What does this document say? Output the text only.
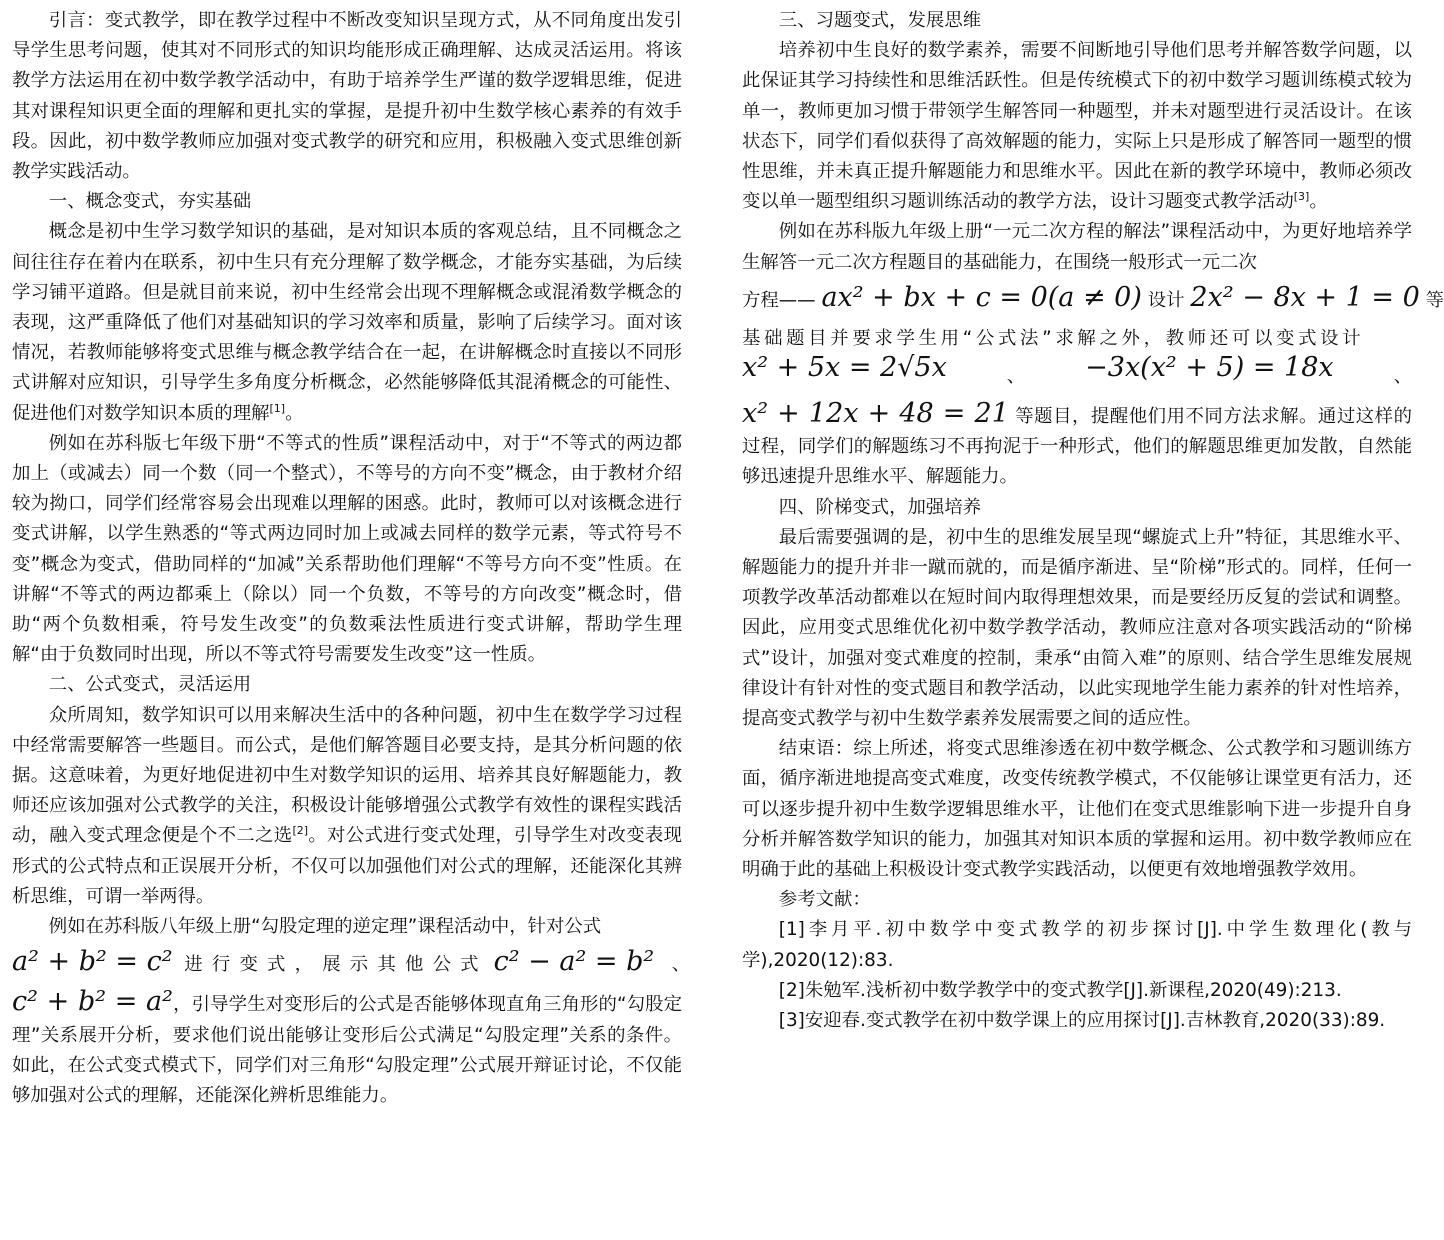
引言：变式教学，即在教学过程中不断改变知识呈现方式，从不同角度出发引导学生思考问题，使其对不同形式的知识均能形成正确理解、达成灵活运用。将该教学方法运用在初中数学教学活动中，有助于培养学生严谨的数学逻辑思维，促进其对课程知识更全面的理解和更扎实的掌握，是提升初中生数学核心素养的有效手段。因此，初中数学教师应加强对变式教学的研究和应用，积极融入变式思维创新教学实践活动。

一、概念变式，夯实基础

概念是初中生学习数学知识的基础，是对知识本质的客观总结，且不同概念之间往往存在着内在联系，初中生只有充分理解了数学概念，才能夯实基础，为后续学习铺平道路。但是就目前来说，初中生经常会出现不理解概念或混淆数学概念的表现，这严重降低了他们对基础知识的学习效率和质量，影响了后续学习。面对该情况，若教师能够将变式思维与概念教学结合在一起，在讲解概念时直接以不同形式讲解对应知识，引导学生多角度分析概念，必然能够降低其混淆概念的可能性、促进他们对数学知识本质的理解[1]。

例如在苏科版七年级下册“不等式的性质”课程活动中，对于“不等式的两边都加上（或减去）同一个数（同一个整式），不等号的方向不变”概念，由于教材介绍较为拗口，同学们经常容易会出现难以理解的困惑。此时，教师可以对该概念进行变式讲解，以学生熟悉的“等式两边同时加上或减去同样的数学元素，等式符号不变”概念为变式，借助同样的“加减”关系帮助他们理解“不等号方向不变”性质。在讲解“不等式的两边都乘上（除以）同一个负数，不等号的方向改变”概念时，借助“两个负数相乘，符号发生改变”的负数乘法性质进行变式讲解，帮助学生理解“由于负数同时出现，所以不等式符号需要发生改变”这一性质。

二、公式变式，灵活运用

众所周知，数学知识可以用来解决生活中的各种问题，初中生在数学学习过程中经常需要解答一些题目。而公式，是他们解答题目必要支持，是其分析问题的依据。这意味着，为更好地促进初中生对数学知识的运用、培养其良好解题能力，教师还应该加强对公式教学的关注，积极设计能够增强公式教学有效性的课程实践活动，融入变式理念便是个不二之选[2]。对公式进行变式处理，引导学生对改变表现形式的公式特点和正误展开分析，不仅可以加强他们对公式的理解，还能深化其辨析思维，可谓一举两得。

例如在苏科版八年级上册“勾股定理的逆定理”课程活动中，针对公式

a² + b² = c² 进行变式，展示其他公式 c² − a² = b² 、

c² + b² = a²，引导学生对变形后的公式是否能够体现直角三角形的“勾股定理”关系展开分析，要求他们说出能够让变形后公式满足“勾股定理”关系的条件。如此，在公式变式模式下，同学们对三角形“勾股定理”公式展开辩证讨论，不仅能够加强对公式的理解，还能深化辨析思维能力。

三、习题变式，发展思维

培养初中生良好的数学素养，需要不间断地引导他们思考并解答数学问题，以此保证其学习持续性和思维活跃性。但是传统模式下的初中数学习题训练模式较为单一，教师更加习惯于带领学生解答同一种题型，并未对题型进行灵活设计。在该状态下，同学们看似获得了高效解题的能力，实际上只是形成了解答同一题型的惯性思维，并未真正提升解题能力和思维水平。因此在新的教学环境中，教师必须改变以单一题型组织习题训练活动的教学方法，设计习题变式教学活动[3]。

例如在苏科版九年级上册“一元二次方程的解法”课程活动中，为更好地培养学生解答一元二次方程题目的基础能力，在围绕一般形式一元二次

方程—— ax² + bx + c = 0(a ≠ 0) 设计 2x² − 8x + 1 = 0 等

基础题目并要求学生用“公式法”求解之外，教师还可以变式设计

x² + 5x = 2√5x	、 −3x(x² + 5) = 18x	、

x² + 12x + 48 = 21 等题目，提醒他们用不同方法求解。通过这样的过程，同学们的解题练习不再拘泥于一种形式，他们的解题思维更加发散，自然能够迅速提升思维水平、解题能力。

四、阶梯变式，加强培养

最后需要强调的是，初中生的思维发展呈现“螺旋式上升”特征，其思维水平、解题能力的提升并非一蹴而就的，而是循序渐进、呈“阶梯”形式的。同样，任何一项教学改革活动都难以在短时间内取得理想效果，而是要经历反复的尝试和调整。因此，应用变式思维优化初中数学教学活动，教师应注意对各项实践活动的“阶梯式”设计，加强对变式难度的控制，秉承“由简入难”的原则、结合学生思维发展规律设计有针对性的变式题目和教学活动，以此实现地学生能力素养的针对性培养，提高变式教学与初中生数学素养发展需要之间的适应性。

结束语：综上所述，将变式思维渗透在初中数学概念、公式教学和习题训练方面，循序渐进地提高变式难度，改变传统教学模式，不仅能够让课堂更有活力，还可以逐步提升初中生数学逻辑思维水平，让他们在变式思维影响下进一步提升自身分析并解答数学知识的能力，加强其对知识本质的掌握和运用。初中数学教师应在明确于此的基础上积极设计变式教学实践活动，以便更有效地增强教学效用。

参考文献：

[1]李月平.初中数学中变式教学的初步探讨[J].中学生数理化(教与学),2020(12):83.

[2]朱勉军.浅析初中数学教学中的变式教学[J].新课程,2020(49):213.

[3]安迎春.变式教学在初中数学课上的应用探讨[J].吉林教育,2020(33):89.
